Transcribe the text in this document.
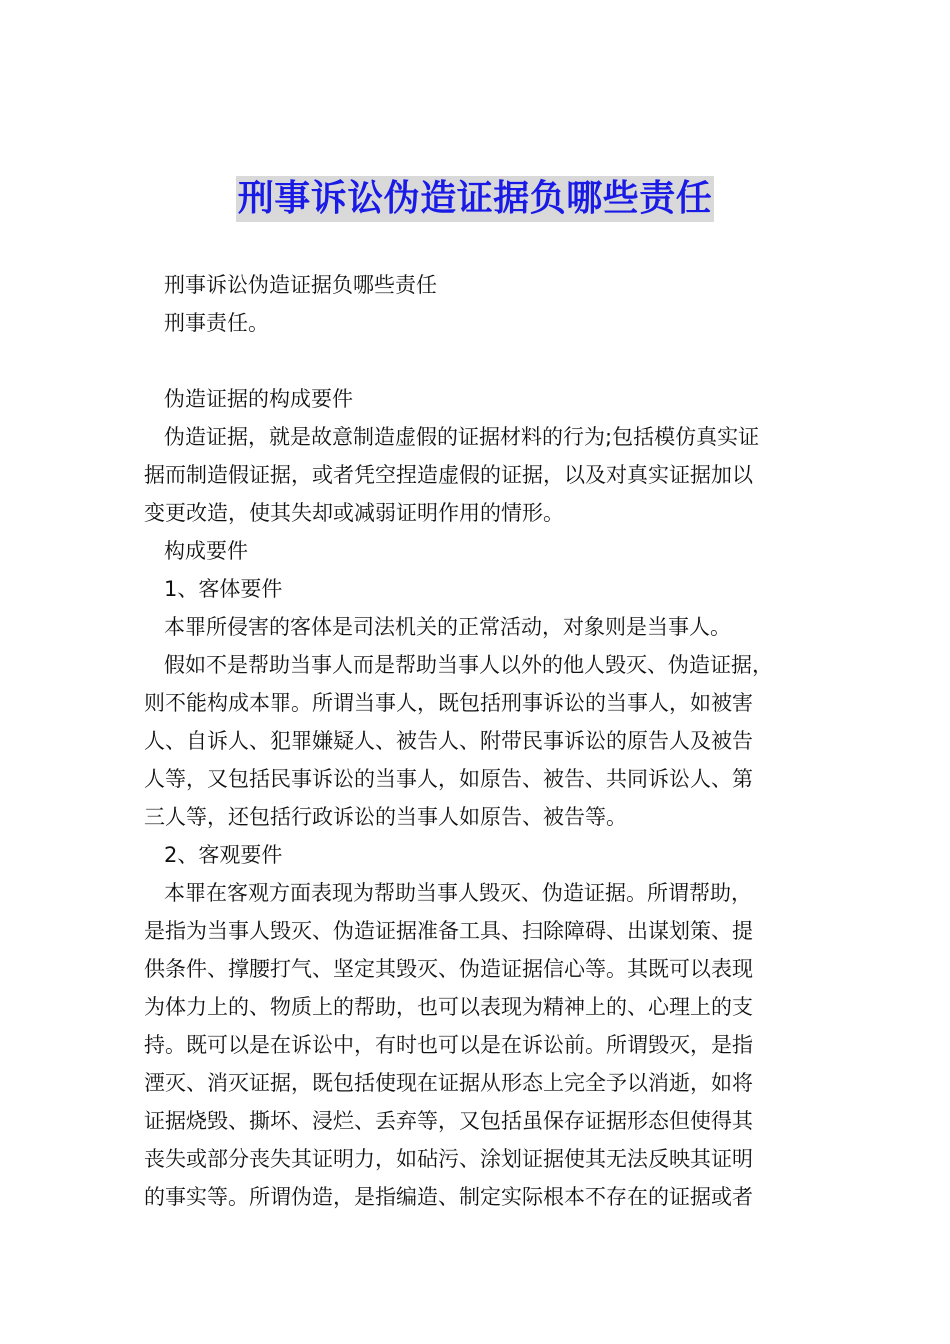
刑事诉讼伪造证据负哪些责任
刑事诉讼伪造证据负哪些责任
刑事责任。
伪造证据的构成要件
伪造证据，就是故意制造虚假的证据材料的行为;包括模仿真实证
据而制造假证据，或者凭空捏造虚假的证据，以及对真实证据加以
变更改造，使其失却或减弱证明作用的情形。
构成要件
1、客体要件
本罪所侵害的客体是司法机关的正常活动，对象则是当事人。
假如不是帮助当事人而是帮助当事人以外的他人毁灭、伪造证据，
则不能构成本罪。所谓当事人，既包括刑事诉讼的当事人，如被害
人、自诉人、犯罪嫌疑人、被告人、附带民事诉讼的原告人及被告
人等，又包括民事诉讼的当事人，如原告、被告、共同诉讼人、第
三人等，还包括行政诉讼的当事人如原告、被告等。
2、客观要件
本罪在客观方面表现为帮助当事人毁灭、伪造证据。所谓帮助，
是指为当事人毁灭、伪造证据准备工具、扫除障碍、出谋划策、提
供条件、撑腰打气、坚定其毁灭、伪造证据信心等。其既可以表现
为体力上的、物质上的帮助，也可以表现为精神上的、心理上的支
持。既可以是在诉讼中，有时也可以是在诉讼前。所谓毁灭，是指
湮灭、消灭证据，既包括使现在证据从形态上完全予以消逝，如将
证据烧毁、撕坏、浸烂、丢弃等，又包括虽保存证据形态但使得其
丧失或部分丧失其证明力，如砧污、涂划证据使其无法反映其证明
的事实等。所谓伪造，是指编造、制定实际根本不存在的证据或者
